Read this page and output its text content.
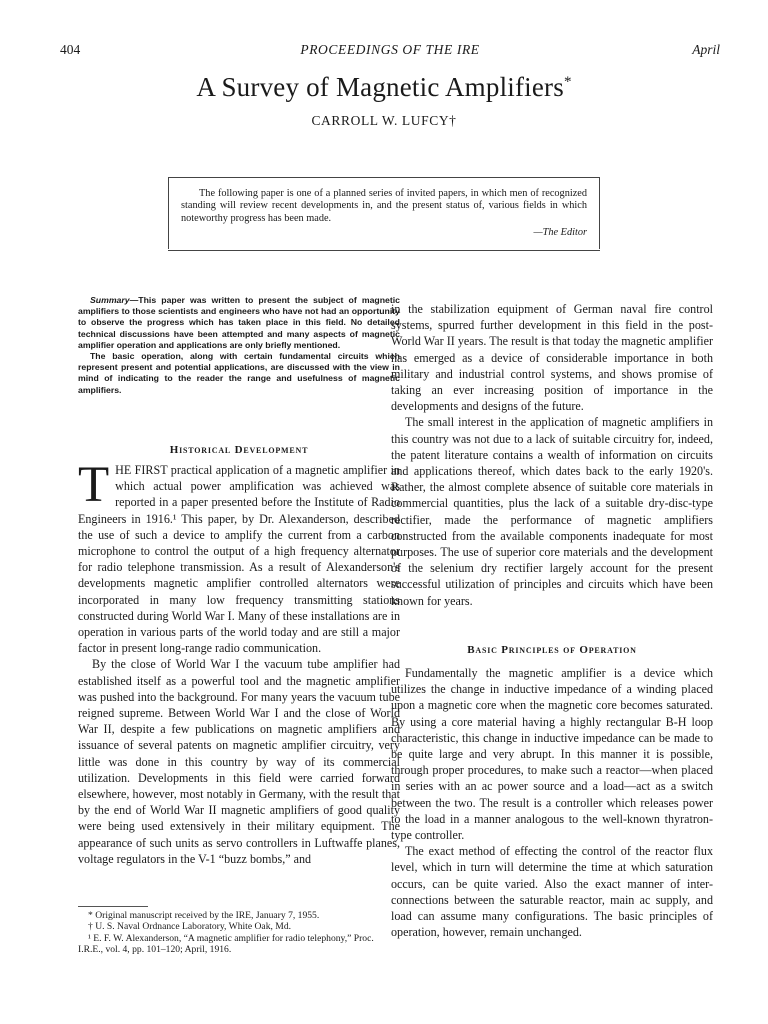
404	PROCEEDINGS OF THE IRE	April
A Survey of Magnetic Amplifiers*
CARROLL W. LUFCY†

The following paper is one of a planned series of invited papers, in which men of recognized standing will review recent developments in, and the present status of, various fields in which noteworthy progress has been made.

—The Editor

Summary—This paper was written to present the subject of magnetic amplifiers to those scientists and engineers who have not had an opportunity to observe the progress which has taken place in this field. No detailed technical discussions have been attempted and many aspects of magnetic amplifier operation and applications are only briefly mentioned.

The basic operation, along with certain fundamental circuits which represent present and potential applications, are discussed with the view in mind of indicating to the reader the range and usefulness of magnetic amplifiers.

Historical Development

THE FIRST practical application of a magnetic amplifier in which actual power amplification was achieved was reported in a paper presented before the Institute of Radio Engineers in 1916.¹ This paper, by Dr. Alexanderson, described the use of such a device to amplify the current from a carbon microphone to control the output of a high frequency alternator for radio telephone transmission. As a result of Alexanderson's developments magnetic amplifier controlled alternators were incorporated in many low frequency transmitting stations constructed during World War I. Many of these installations are in operation in various parts of the world today and are still a major factor in present long-range radio communication.

By the close of World War I the vacuum tube amplifier had established itself as a powerful tool and the magnetic amplifier was pushed into the background. For many years the vacuum tube reigned supreme. Between World War I and the close of World War II, despite a few publications on magnetic amplifiers and issuance of several patents on magnetic amplifier circuitry, very little was done in this country by way of its commercial utilization. Developments in this field were carried forward elsewhere, however, most notably in Germany, with the result that by the end of World War II magnetic amplifiers of good quality were being used extensively in their military equipment. The appearance of such units as servo controllers in Luftwaffe planes, voltage regulators in the V-1 “buzz bombs,” and

in the stabilization equipment of German naval fire control systems, spurred further development in this field in the post-World War II years. The result is that today the magnetic amplifier has emerged as a device of considerable importance in both military and industrial control systems, and shows promise of taking an ever increasing position of importance in the developments and designs of the future.

The small interest in the application of magnetic amplifiers in this country was not due to a lack of suitable circuitry for, indeed, the patent literature contains a wealth of information on circuits and applications thereof, which dates back to the early 1920's. Rather, the almost complete absence of suitable core materials in commercial quantities, plus the lack of a suitable dry-disc-type rectifier, made the performance of magnetic amplifiers constructed from the available components inadequate for most purposes. The use of superior core materials and the development of the selenium dry rectifier largely account for the present successful utilization of principles and circuits which have been known for years.

Basic Principles of Operation

Fundamentally the magnetic amplifier is a device which utilizes the change in inductive impedance of a winding placed upon a magnetic core when the magnetic core becomes saturated. By using a core material having a highly rectangular B-H loop characteristic, this change in inductive impedance can be made to be quite large and very abrupt. In this manner it is possible, through proper procedures, to make such a reactor—when placed in series with an ac power source and a load—act as a switch between the two. The result is a controller which releases power to the load in a manner analogous to the well-known thyratron-type controller.

The exact method of effecting the control of the reactor flux level, which in turn will determine the time at which saturation occurs, can be quite varied. Also the exact manner of inter-connections between the saturable reactor, main ac supply, and load can assume many configurations. The basic principles of operation, however, remain unchanged.

* Original manuscript received by the IRE, January 7, 1955.

† U. S. Naval Ordnance Laboratory, White Oak, Md.

¹ E. F. W. Alexanderson, “A magnetic amplifier for radio telephony,” Proc. I.R.E., vol. 4, pp. 101–120; April, 1916.
